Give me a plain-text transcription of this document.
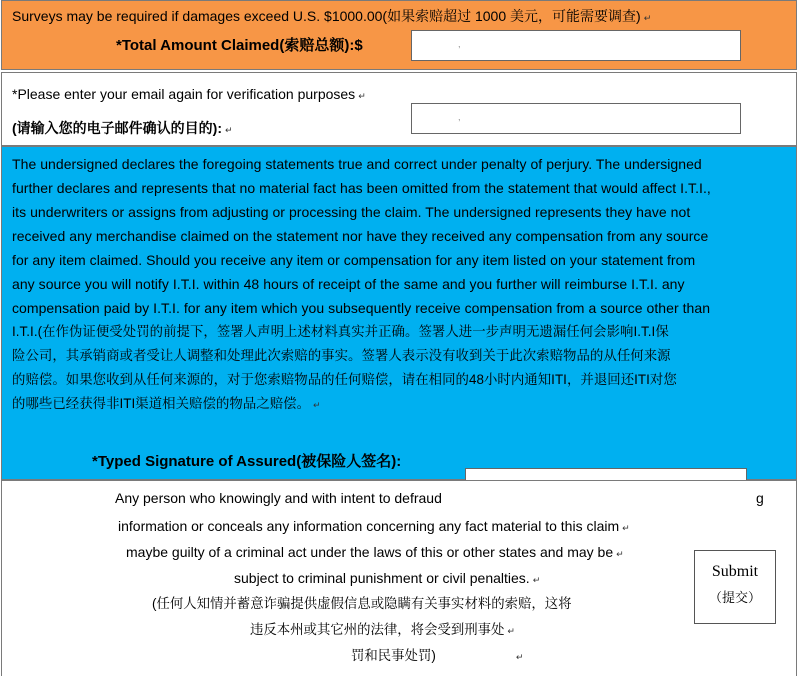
Surveys may be required if damages exceed U.S. $1000.00(如果索赔超过 1000 美元，可能需要调查) ↵
*Total Amount Claimed(索赔总额):$	,
*Please enter your email again for verification purposes ↵
(请输入您的电子邮件确认的目的): ↵
,
The undersigned declares the foregoing statements true and correct under penalty of perjury. The undersigned
further declares and represents that no material fact has been omitted from the statement that would affect I.T.I.,
its underwriters or assigns from adjusting or processing the claim. The undersigned represents they have not
received any merchandise claimed on the statement nor have they received any compensation from any source
for any item claimed. Should you receive any item or compensation for any item listed on your statement from
any source you will notify I.T.I. within 48 hours of receipt of the same and you further will reimburse I.T.I. any
compensation paid by I.T.I. for any item which you subsequently receive compensation from a source other than
I.T.I.(在作伪证便受处罚的前提下，签署人声明上述材料真实并正确。签署人进一步声明无遗漏任何会影响I.T.I保
险公司，其承销商或者受让人调整和处理此次索赔的事实。签署人表示没有收到关于此次索赔物品的从任何来源
的赔偿。如果您收到从任何来源的，对于您索赔物品的任何赔偿，请在相同的48小时内通知ITI，并退回还ITI对您
的哪些已经获得非ITI渠道相关赔偿的物品之赔偿。 ↵
*Typed Signature of Assured(被保险人签名):
Any person who knowingly and with intent to defraud	g
information or conceals any information concerning any fact material to this claim ↵
maybe guilty of a criminal act under the laws of this or other states and may be ↵
subject to criminal punishment or civil penalties. ↵
(任何人知情并蓄意诈骗提供虚假信息或隐瞒有关事实材料的索赔，这将
违反本州或其它州的法律，将会受到刑事处 ↵
罚和民事处罚)	↵
Submit
（提交）
